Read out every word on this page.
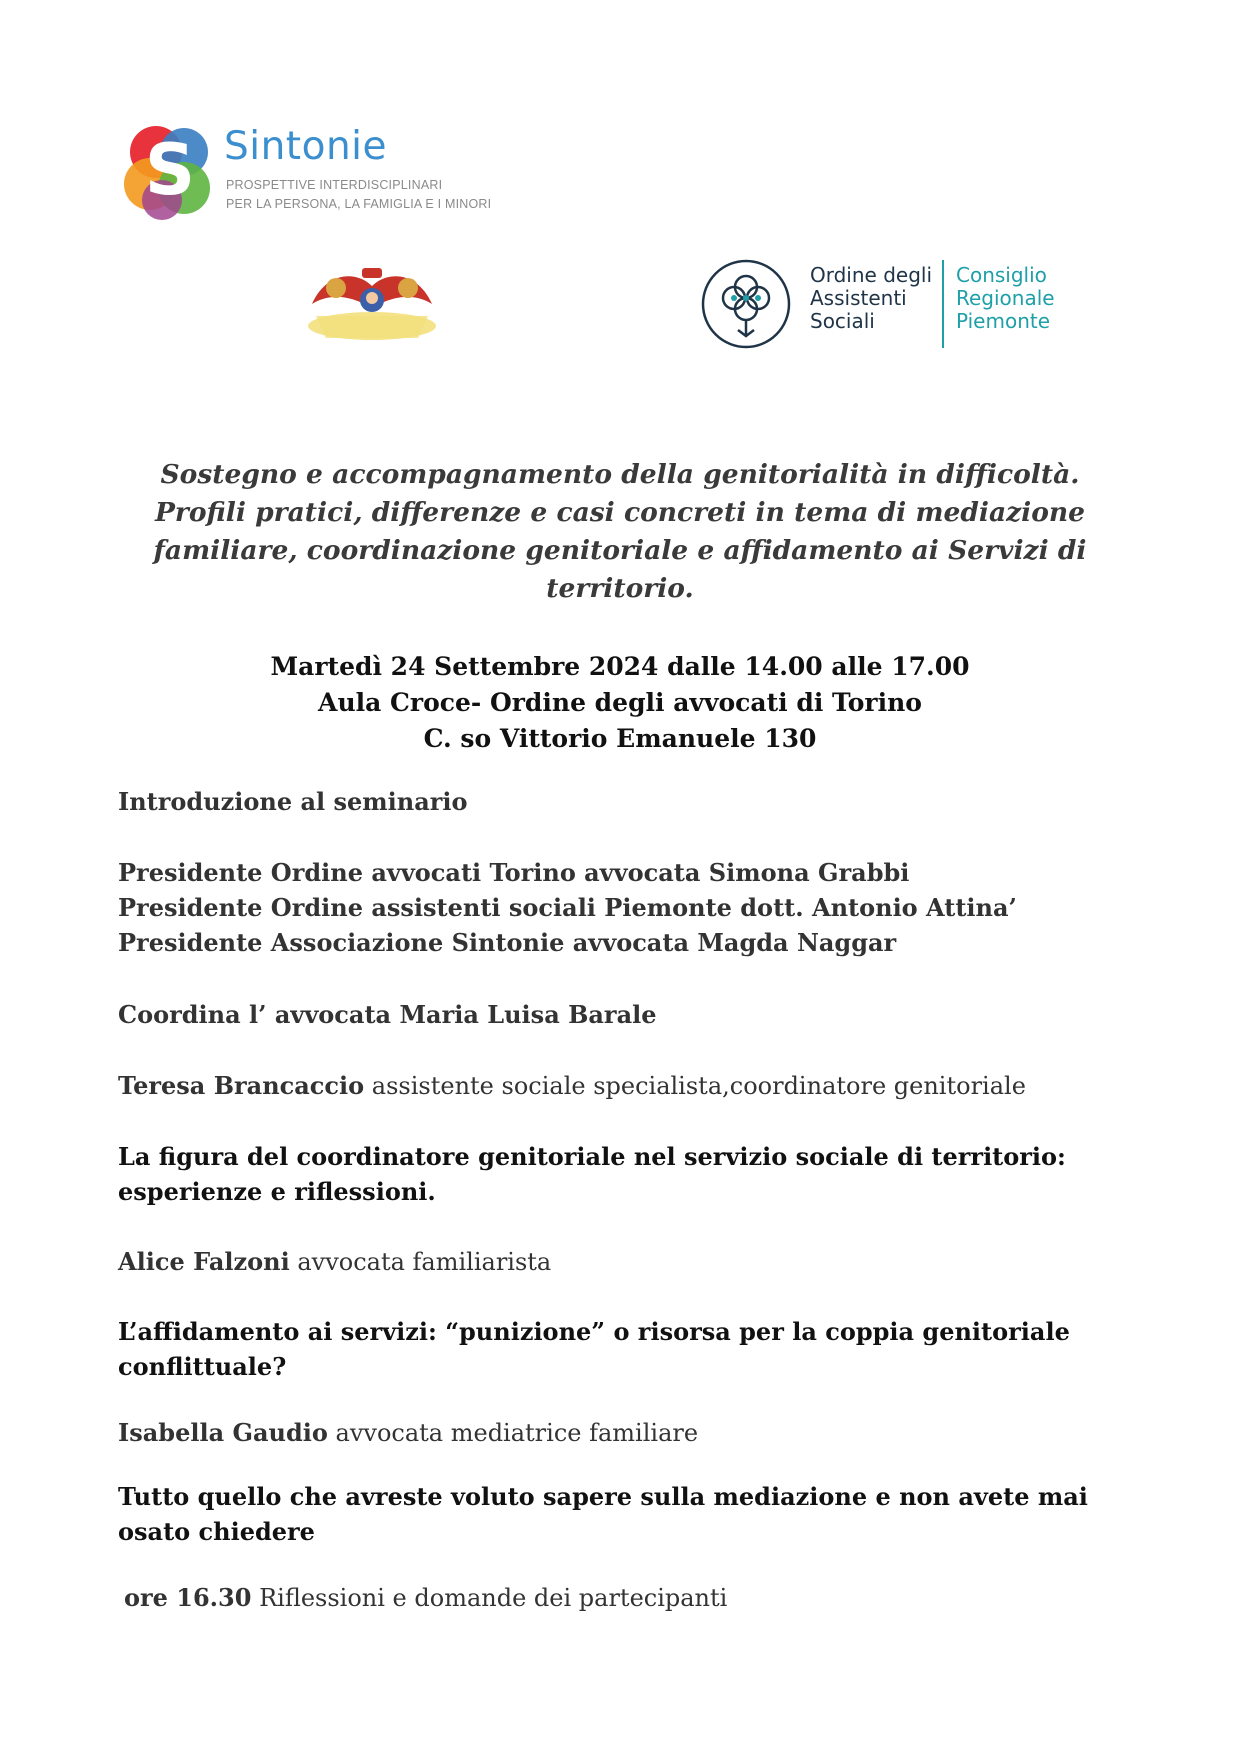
S Sintonie
PROSPETTIVE INTERDISCIPLINARI
PER LA PERSONA, LA FAMIGLIA E I MINORI
Ordine degli
Assistenti
Sociali
Consiglio
Regionale
Piemonte
Sostegno e accompagnamento della genitorialità in difficoltà.
Profili pratici, differenze e casi concreti in tema di mediazione
familiare, coordinazione genitoriale e affidamento ai Servizi di
territorio.
Martedì 24 Settembre 2024 dalle 14.00 alle 17.00
Aula Croce- Ordine degli avvocati di Torino
C. so Vittorio Emanuele 130
Introduzione al seminario
Presidente Ordine avvocati Torino avvocata Simona Grabbi
Presidente Ordine assistenti sociali Piemonte dott. Antonio Attina’
Presidente Associazione Sintonie avvocata Magda Naggar
Coordina l’ avvocata Maria Luisa Barale
Teresa Brancaccio assistente sociale specialista,coordinatore genitoriale
La figura del coordinatore genitoriale nel servizio sociale di territorio:
esperienze e riflessioni.
Alice Falzoni avvocata familiarista
L’affidamento ai servizi: “punizione” o risorsa per la coppia genitoriale
conflittuale?
Isabella Gaudio avvocata mediatrice familiare
Tutto quello che avreste voluto sapere sulla mediazione e non avete mai
osato chiedere
ore 16.30 Riflessioni e domande dei partecipanti
